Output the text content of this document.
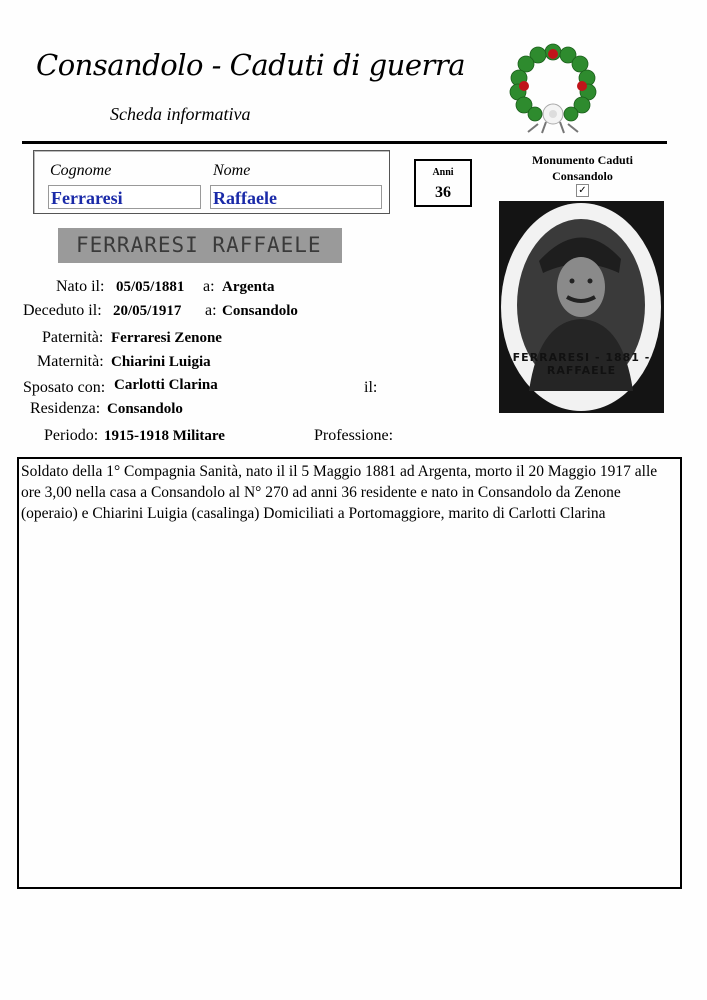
Consandolo - Caduti di guerra
Scheda informativa
Cognome	Nome
Ferraresi	Raffaele
Anni
36
Monumento Caduti
Consandolo
✓
FERRARESI - 1881 - RAFFAELE
FERRARESI RAFFAELE
Nato il: 05/05/1881 a: Argenta
Deceduto il: 20/05/1917 a: Consandolo
Paternità: Ferraresi Zenone
Maternità: Chiarini Luigia
Sposato con: Carlotti Clarina	il:
Residenza: Consandolo
Periodo: 1915-1918 Militare	Professione:
Soldato della 1° Compagnia Sanità, nato il il 5 Maggio 1881 ad Argenta, morto il 20 Maggio 1917 alle ore 3,00 nella casa a Consandolo al N° 270 ad anni 36 residente e nato in Consandolo da Zenone (operaio) e Chiarini Luigia (casalinga) Domiciliati a Portomaggiore, marito di Carlotti Clarina
